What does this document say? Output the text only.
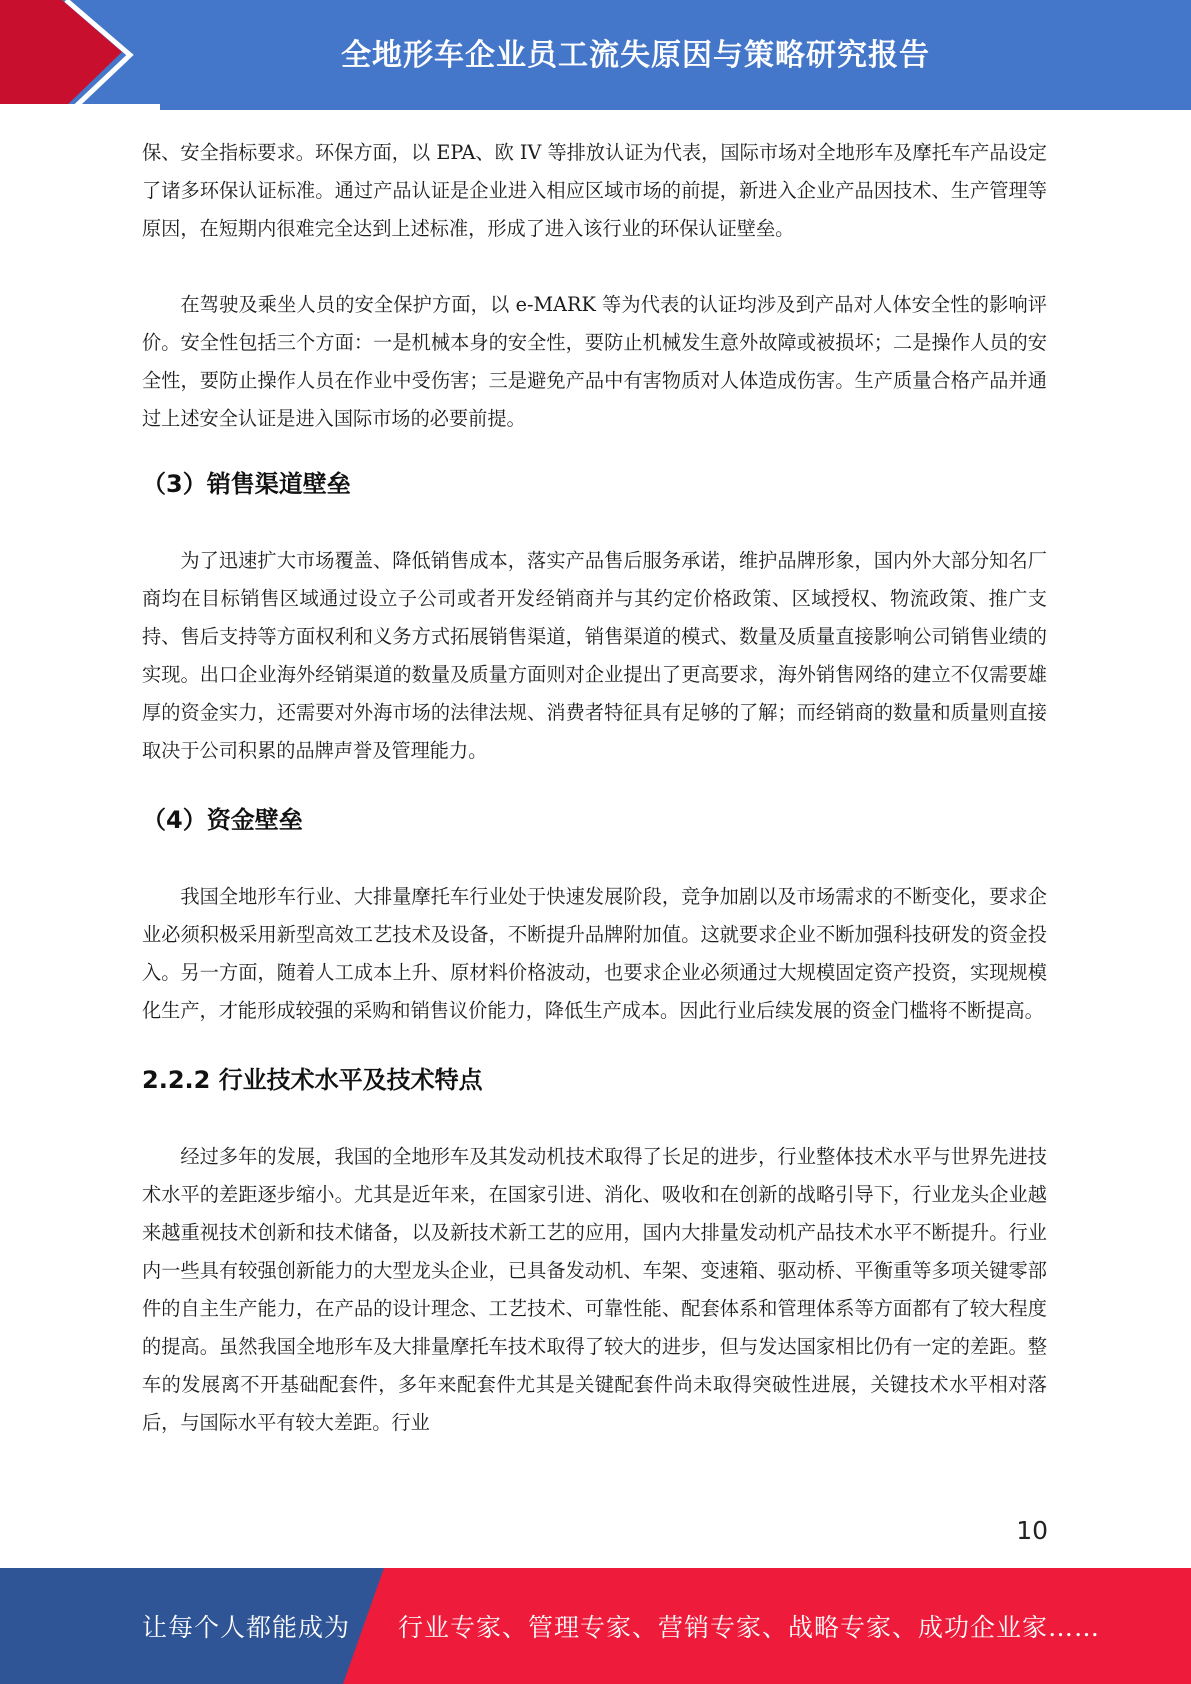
全地形车企业员工流失原因与策略研究报告

保、安全指标要求。环保方面，以 EPA、欧 IV 等排放认证为代表，国际市场对全地形车及摩托车产品设定了诸多环保认证标准。通过产品认证是企业进入相应区域市场的前提，新进入企业产品因技术、生产管理等原因，在短期内很难完全达到上述标准，形成了进入该行业的环保认证壁垒。

在驾驶及乘坐人员的安全保护方面，以 e-MARK 等为代表的认证均涉及到产品对人体安全性的影响评价。安全性包括三个方面：一是机械本身的安全性，要防止机械发生意外故障或被损坏；二是操作人员的安全性，要防止操作人员在作业中受伤害；三是避免产品中有害物质对人体造成伤害。生产质量合格产品并通过上述安全认证是进入国际市场的必要前提。

（3）销售渠道壁垒

为了迅速扩大市场覆盖、降低销售成本，落实产品售后服务承诺，维护品牌形象，国内外大部分知名厂商均在目标销售区域通过设立子公司或者开发经销商并与其约定价格政策、区域授权、物流政策、推广支持、售后支持等方面权利和义务方式拓展销售渠道，销售渠道的模式、数量及质量直接影响公司销售业绩的实现。出口企业海外经销渠道的数量及质量方面则对企业提出了更高要求，海外销售网络的建立不仅需要雄厚的资金实力，还需要对外海市场的法律法规、消费者特征具有足够的了解；而经销商的数量和质量则直接取决于公司积累的品牌声誉及管理能力。

（4）资金壁垒

我国全地形车行业、大排量摩托车行业处于快速发展阶段，竞争加剧以及市场需求的不断变化，要求企业必须积极采用新型高效工艺技术及设备，不断提升品牌附加值。这就要求企业不断加强科技研发的资金投入。另一方面，随着人工成本上升、原材料价格波动，也要求企业必须通过大规模固定资产投资，实现规模化生产，才能形成较强的采购和销售议价能力，降低生产成本。因此行业后续发展的资金门槛将不断提高。

2.2.2 行业技术水平及技术特点

经过多年的发展，我国的全地形车及其发动机技术取得了长足的进步，行业整体技术水平与世界先进技术水平的差距逐步缩小。尤其是近年来，在国家引进、消化、吸收和在创新的战略引导下，行业龙头企业越来越重视技术创新和技术储备，以及新技术新工艺的应用，国内大排量发动机产品技术水平不断提升。行业内一些具有较强创新能力的大型龙头企业，已具备发动机、车架、变速箱、驱动桥、平衡重等多项关键零部件的自主生产能力，在产品的设计理念、工艺技术、可靠性能、配套体系和管理体系等方面都有了较大程度的提高。虽然我国全地形车及大排量摩托车技术取得了较大的进步，但与发达国家相比仍有一定的差距。整车的发展离不开基础配套件，多年来配套件尤其是关键配套件尚未取得突破性进展，关键技术水平相对落后，与国际水平有较大差距。行业

10
让每个人都能成为 行业专家、管理专家、营销专家、战略专家、成功企业家……
